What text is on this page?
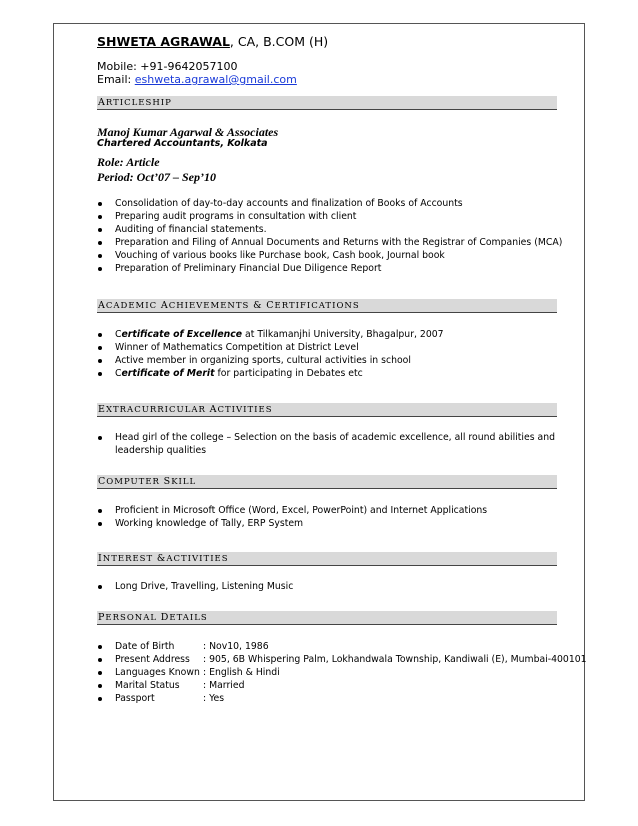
SHWETA AGRAWAL, CA, B.COM (H)
Mobile: +91-9642057100
Email: eshweta.agrawal@gmail.com
ARTICLESHIP
Manoj Kumar Agarwal & Associates
Chartered Accountants, Kolkata
Role: Article
Period: Oct’07 – Sep’10
Consolidation of day-to-day accounts and finalization of Books of Accounts
Preparing audit programs in consultation with client
Auditing of financial statements.
Preparation and Filing of Annual Documents and Returns with the Registrar of Companies (MCA)
Vouching of various books like Purchase book, Cash book, Journal book
Preparation of Preliminary Financial Due Diligence Report
ACADEMIC ACHIEVEMENTS & CERTIFICATIONS
Certificate of Excellence at Tilkamanjhi University, Bhagalpur, 2007
Winner of Mathematics Competition at District Level
Active member in organizing sports, cultural activities in school
Certificate of Merit for participating in Debates etc
EXTRACURRICULAR ACTIVITIES
Head girl of the college – Selection on the basis of academic excellence, all round abilities and leadership qualities
COMPUTER SKILL
Proficient in Microsoft Office (Word, Excel, PowerPoint) and Internet Applications
Working knowledge of Tally, ERP System
INTEREST &ACTIVITIES
Long Drive, Travelling, Listening Music
PERSONAL DETAILS
Date of Birth	: Nov10, 1986
Present Address : 905, 6B Whispering Palm, Lokhandwala Township, Kandiwali (E), Mumbai-400101
Languages Known : English & Hindi
Marital Status	: Married
Passport	: Yes
